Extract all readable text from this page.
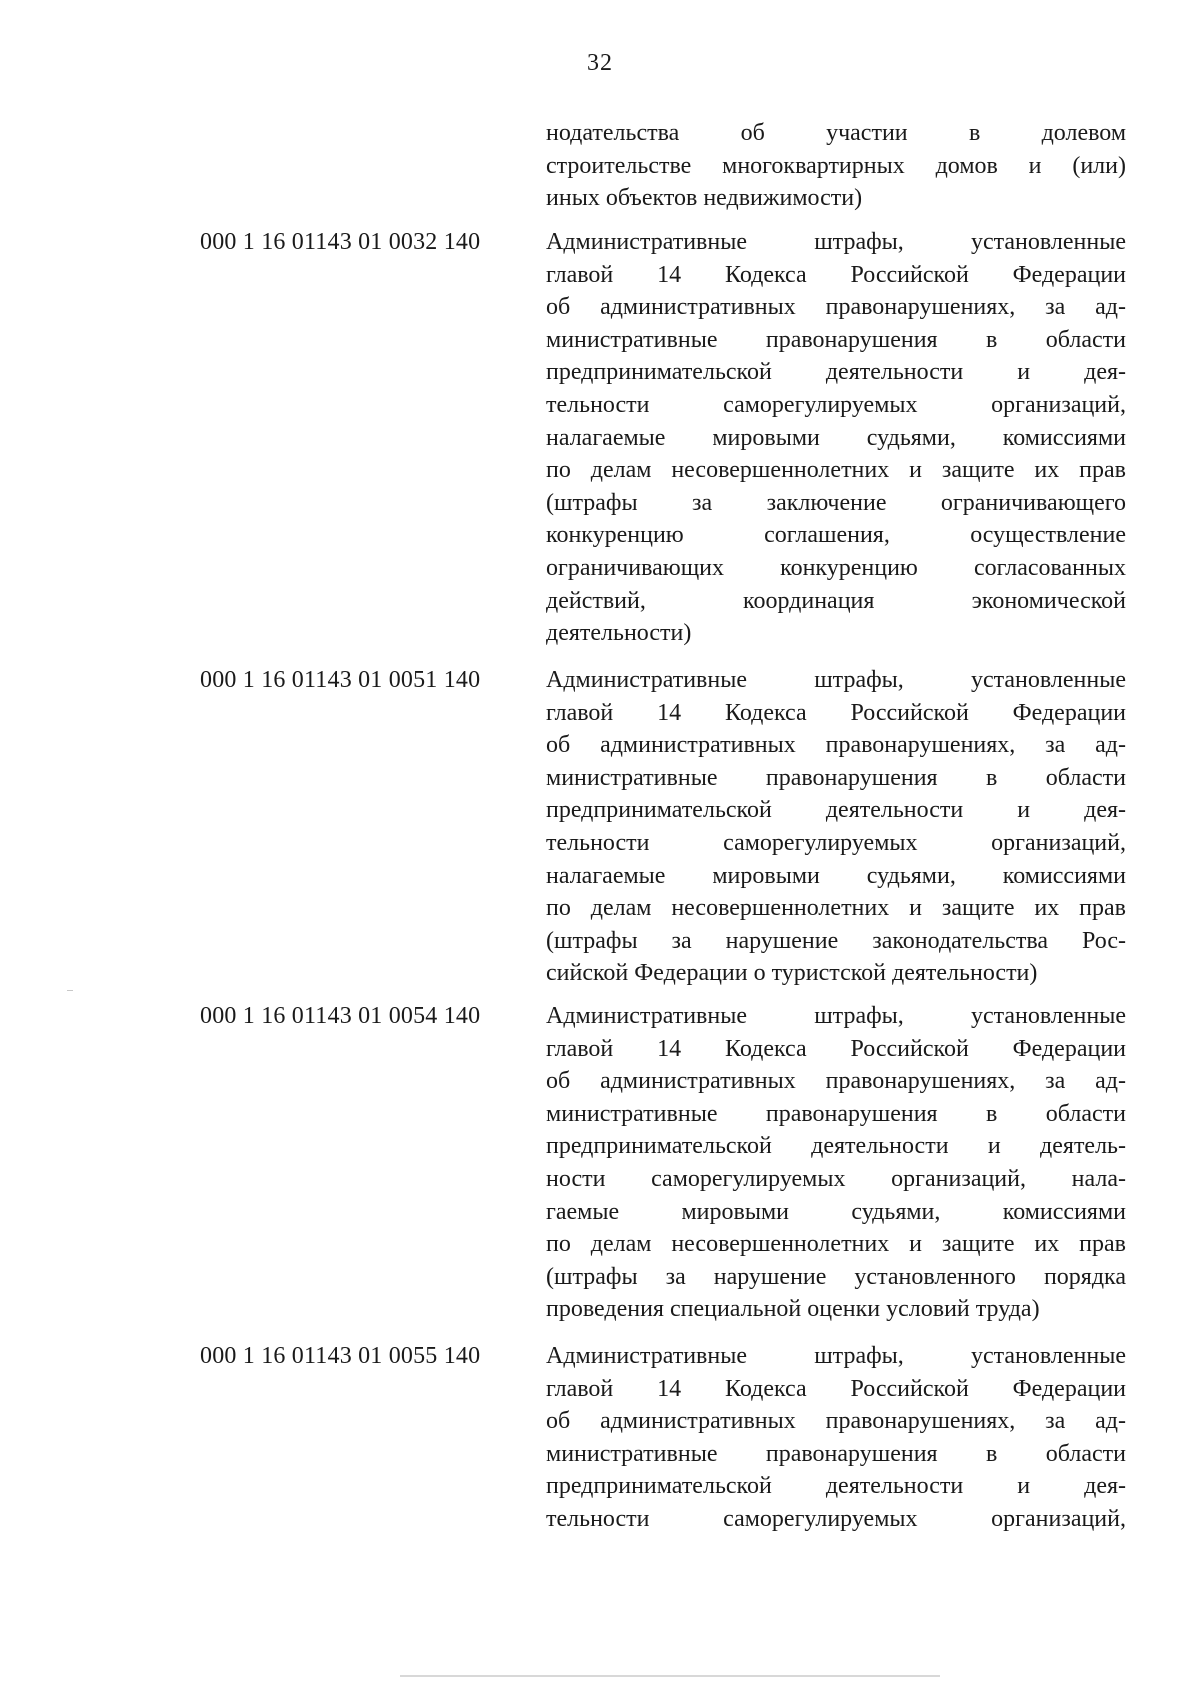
32
нодательства об участии в долевом
строительстве многоквартирных домов и (или)
иных объектов недвижимости)
000 1 16 01143 01 0032 140	Административные штрафы, установленные
главой 14 Кодекса Российской Федерации
об административных правонарушениях, за ад-
министративные правонарушения в области
предпринимательской деятельности и дея-
тельности саморегулируемых организаций,
налагаемые мировыми судьями, комиссиями
по делам несовершеннолетних и защите их прав
(штрафы за заключение ограничивающего
конкуренцию соглашения, осуществление
ограничивающих конкуренцию согласованных
действий, координация экономической
деятельности)
000 1 16 01143 01 0051 140	Административные штрафы, установленные
главой 14 Кодекса Российской Федерации
об административных правонарушениях, за ад-
министративные правонарушения в области
предпринимательской деятельности и дея-
тельности саморегулируемых организаций,
налагаемые мировыми судьями, комиссиями
по делам несовершеннолетних и защите их прав
(штрафы за нарушение законодательства Рос-
сийской Федерации о туристской деятельности)
000 1 16 01143 01 0054 140	Административные штрафы, установленные
главой 14 Кодекса Российской Федерации
об административных правонарушениях, за ад-
министративные правонарушения в области
предпринимательской деятельности и деятель-
ности саморегулируемых организаций, нала-
гаемые мировыми судьями, комиссиями
по делам несовершеннолетних и защите их прав
(штрафы за нарушение установленного порядка
проведения специальной оценки условий труда)
000 1 16 01143 01 0055 140	Административные штрафы, установленные
главой 14 Кодекса Российской Федерации
об административных правонарушениях, за ад-
министративные правонарушения в области
предпринимательской деятельности и дея-
тельности саморегулируемых организаций,
